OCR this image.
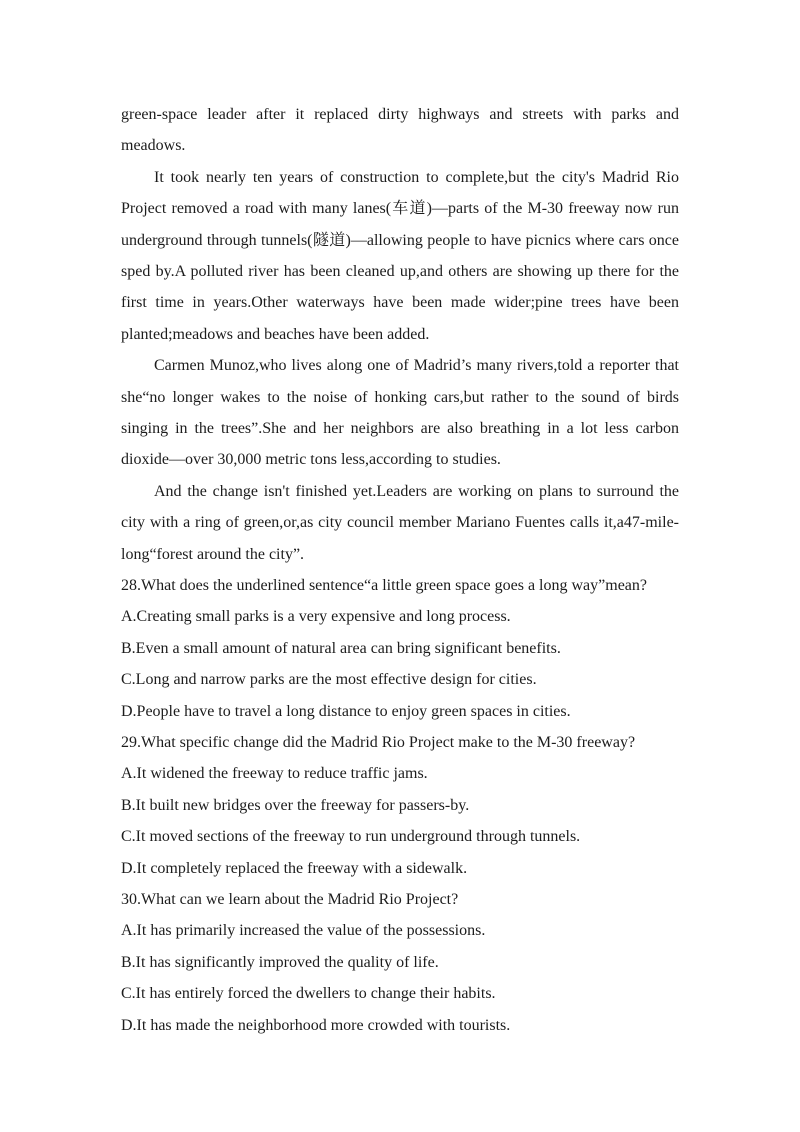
green-space leader after it replaced dirty highways and streets with parks and meadows.

It took nearly ten years of construction to complete,but the city's Madrid Rio Project removed a road with many lanes(车道)—parts of the M-30 freeway now run underground through tunnels(隧道)—allowing people to have picnics where cars once sped by.A polluted river has been cleaned up,and others are showing up there for the first time in years.Other waterways have been made wider;pine trees have been planted;meadows and beaches have been added.

Carmen Munoz,who lives along one of Madrid’s many rivers,told a reporter that she“no longer wakes to the noise of honking cars,but rather to the sound of birds singing in the trees”.She and her neighbors are also breathing in a lot less carbon dioxide—over 30,000 metric tons less,according to studies.

And the change isn't finished yet.Leaders are working on plans to surround the city with a ring of green,or,as city council member Mariano Fuentes calls it,a47-mile-long“forest around the city”.

28.What does the underlined sentence“a little green space goes a long way”mean?

A.Creating small parks is a very expensive and long process.

B.Even a small amount of natural area can bring significant benefits.

C.Long and narrow parks are the most effective design for cities.

D.People have to travel a long distance to enjoy green spaces in cities.

29.What specific change did the Madrid Rio Project make to the M-30 freeway?

A.It widened the freeway to reduce traffic jams.

B.It built new bridges over the freeway for passers-by.

C.It moved sections of the freeway to run underground through tunnels.

D.It completely replaced the freeway with a sidewalk.

30.What can we learn about the Madrid Rio Project?

A.It has primarily increased the value of the possessions.

B.It has significantly improved the quality of life.

C.It has entirely forced the dwellers to change their habits.

D.It has made the neighborhood more crowded with tourists.
